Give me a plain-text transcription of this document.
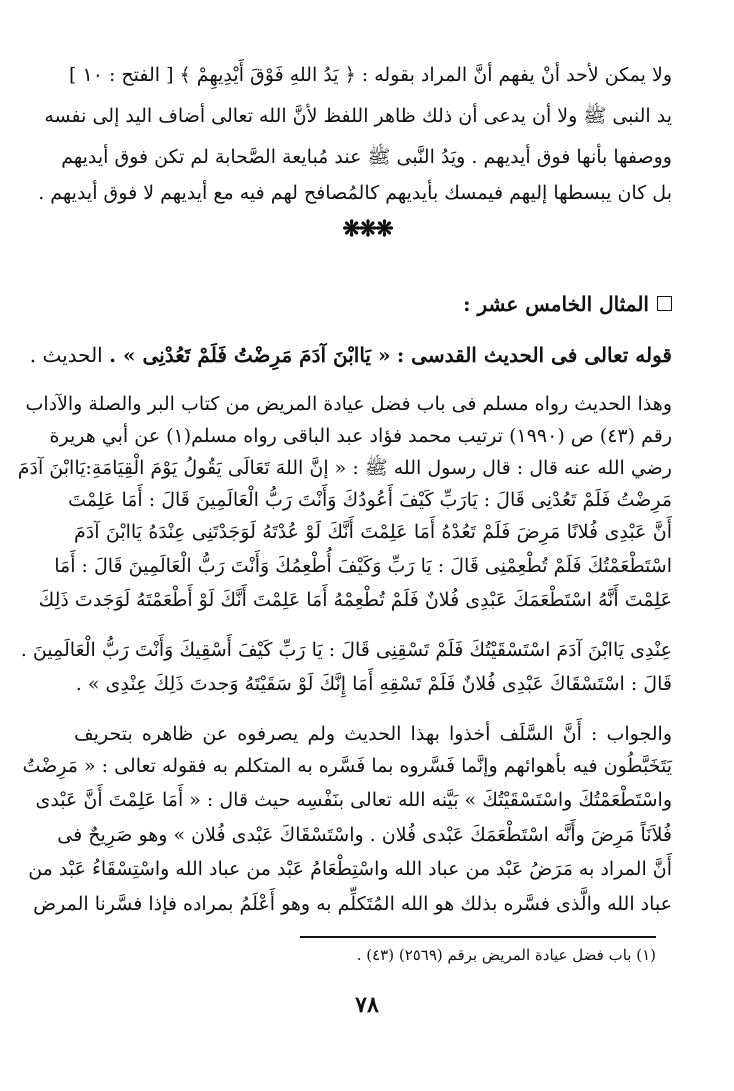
ولا يمكن لأحد أنْ يفهم أنَّ المراد بقوله : ﴿ يَدُ اللهِ فَوْقَ أَيْدِيهِمْ ﴾ [ الفتح : ١٠ ]
يد النبى ﷺ ولا أن يدعى أن ذلك ظاهر اللفظ لأنَّ الله تعالى أضاف اليد إلى نفسه
ووصفها بأنها فوق أيديهم . ويَدُ النَّبى ﷺ عند مُبايعة الصَّحابة لم تكن فوق أيديهم
بل كان يبسطها إليهم فيمسك بأيديهم كالمُصافح لهم فيه مع أيديهم لا فوق أيديهم .
❋❋❋
المثال الخامس عشر :
قوله تعالى فى الحديث القدسى : « يَاابْنَ آدَمَ مَرِضْتُ فَلَمْ تَعُدْنِى » . الحديث .
وهذا الحديث رواه مسلم فى باب فضل عيادة المريض من كتاب البر والصلة والآداب
رقم (٤٣) ص (١٩٩٠) ترتيب محمد فؤاد عبد الباقى رواه مسلم(١) عن أبي هريرة
رضي الله عنه قال : قال رسول الله ﷺ : « إنَّ اللهَ تَعَالَى يَقُولُ يَوْمَ الْقِيَامَةِ:يَاابْنَ آدَمَ
مَرِضْتُ فَلَمْ تَعُدْنِى قَالَ : يَارَبِّ كَيْفَ أَعُودُكَ وَأَنْتَ رَبُّ الْعَالَمِينَ قَالَ : أَمَا عَلِمْتَ
أَنَّ عَبْدِى فُلانًا مَرِضَ فَلَمْ تَعُدْهُ أَمَا عَلِمْتَ أَنَّكَ لَوْ عُدْتَهُ لَوَجَدْتَنِى عِنْدَهُ يَاابْنَ آدَمَ
اسْتَطْعَمْتُكَ فَلَمْ تُطْعِمْنِى قَالَ : يَا رَبِّ وَكَيْفَ أُطْعِمُكَ وَأَنْتَ رَبُّ الْعَالَمِينَ قَالَ : أَمَا
عَلِمْتَ أَنَّهُ اسْتَطْعَمَكَ عَبْدِى فُلانٌ فَلَمْ تُطْعِمْهُ أَمَا عَلِمْتَ أَنَّكَ لَوْ أَطْعَمْتَهُ لَوَجَدتَ ذَلِكَ
عِنْدِى يَاابْنَ آدَمَ اسْتَسْقَيْتُكَ فَلَمْ تَسْقِنِى قَالَ : يَا رَبِّ كَيْفَ أَسْقِيكَ وَأَنْتَ رَبُّ الْعَالَمِينَ .
قَالَ : اسْتَسْقَاكَ عَبْدِى فُلانٌ فَلَمْ تَسْقِهِ أَمَا إِنَّكَ لَوْ سَقَيْتَهُ وَجدتَ ذَلِكَ عِنْدِى » .
والجواب : أَنَّ السَّلَف أخذوا بهذا الحديث ولم يصرفوه عن ظاهره بتحريف
يَتَخَبَّطُون فيه بأهوائهم وإنَّما فَسَّروه بما فَسَّره به المتكلم به فقوله تعالى : « مَرِضْتُ
واسْتَطْعَمْتُكَ واسْتَسْقَيْتُكَ » بَيَّنه الله تعالى بنَفْسِه حيث قال : « أَمَا عَلِمْتَ أَنَّ عَبْدى
فُلاَنَاً مَرِضَ وأَنَّه اسْتَطْعَمَكَ عَبْدى فُلان . واسْتَسْقَاكَ عَبْدى فُلان » وهو صَرِيحٌ فى
أَنَّ المراد به مَرَضُ عَبْد من عباد الله واسْتِطْعَامُ عَبْد من عباد الله واسْتِسْقَاءُ عَبْد من
عباد الله والَّذى فسَّره بذلك هو الله المُتَكلِّم به وهو أَعْلَمُ بمراده فإذا فسَّرنا المرض
(١) باب فضل عيادة المريض برقم (٢٥٦٩) (٤٣) .
٧٨
